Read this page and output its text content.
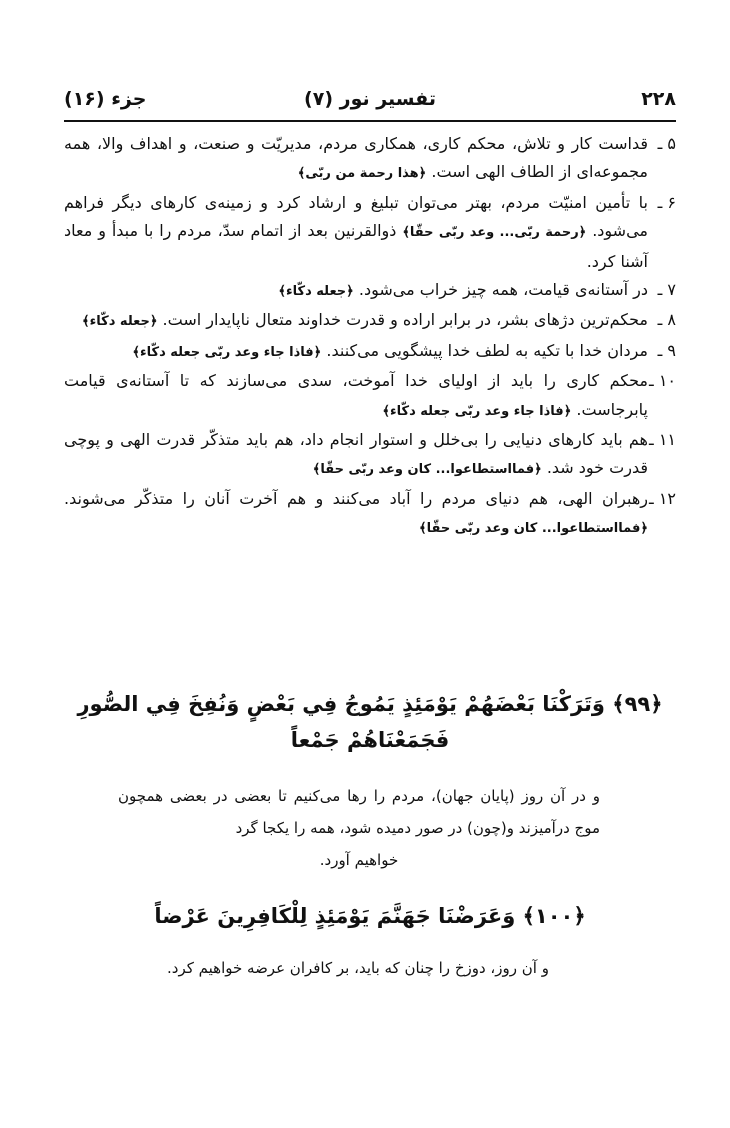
۲۲۸
تفسیر نور (۷)
جزء (۱۶)

۵ ـ
قداست کار و تلاش، محکم کاری، همکاری مردم، مدیریّت و صنعت، و اهداف والا، همه مجموعه‌ای از الطاف الهی است. ﴿هذا رحمة من ربّی﴾

۶ ـ
با تأمین امنیّت مردم، بهتر می‌توان تبلیغ و ارشاد کرد و زمینه‌ی کارهای دیگر فراهم می‌شود. ﴿رحمة ربّی... وعد ربّی حقّا﴾ ذوالقرنین بعد از اتمام سدّ، مردم را با مبدأ و معاد آشنا کرد.

۷ ـ
در آستانه‌ی قیامت، همه چیز خراب می‌شود. ﴿جعله دکّاء﴾

۸ ـ
محکم‌ترین دژهای بشر، در برابر اراده و قدرت خداوند متعال ناپایدار است. ﴿جعله دکّاء﴾

۹ ـ
مردان خدا با تکیه به لطف خدا پیشگویی می‌کنند. ﴿فاذا جاء وعد ربّی جعله دکّاء﴾

۱۰ ـ
محکم کاری را باید از اولیای خدا آموخت، سدی می‌سازند که تا آستانه‌ی قیامت پابرجاست. ﴿فاذا جاء وعد ربّی جعله دکّاء﴾

۱۱ ـ
هم باید کارهای دنیایی را بی‌خلل و استوار انجام داد، هم باید متذکّر قدرت الهی و پوچی قدرت خود شد. ﴿فمااستطاعوا... کان وعد ربّی حقّا﴾

۱۲ ـ
رهبران الهی، هم دنیای مردم را آباد می‌کنند و هم آخرت آنان را متذکّر می‌شوند. ﴿فمااستطاعوا... کان وعد ربّی حقّا﴾

﴿۹۹﴾ وَتَرَكْنَا بَعْضَهُمْ يَوْمَئِذٍ يَمُوجُ فِي بَعْضٍ وَنُفِخَ فِي الصُّورِ فَجَمَعْنَاهُمْ جَمْعاً
و در آن روز (پایان جهان)، مردم را رها می‌کنیم تا بعضی در بعضی همچون موج درآمیزند و(چون) در صور دمیده شود، همه را یکجا گرد
خواهیم آورد.
﴿۱۰۰﴾ وَعَرَضْنَا جَهَنَّمَ يَوْمَئِذٍ لِلْكَافِرِينَ عَرْضاً
و آن روز، دوزخ را چنان که باید، بر کافران عرضه خواهیم کرد.
